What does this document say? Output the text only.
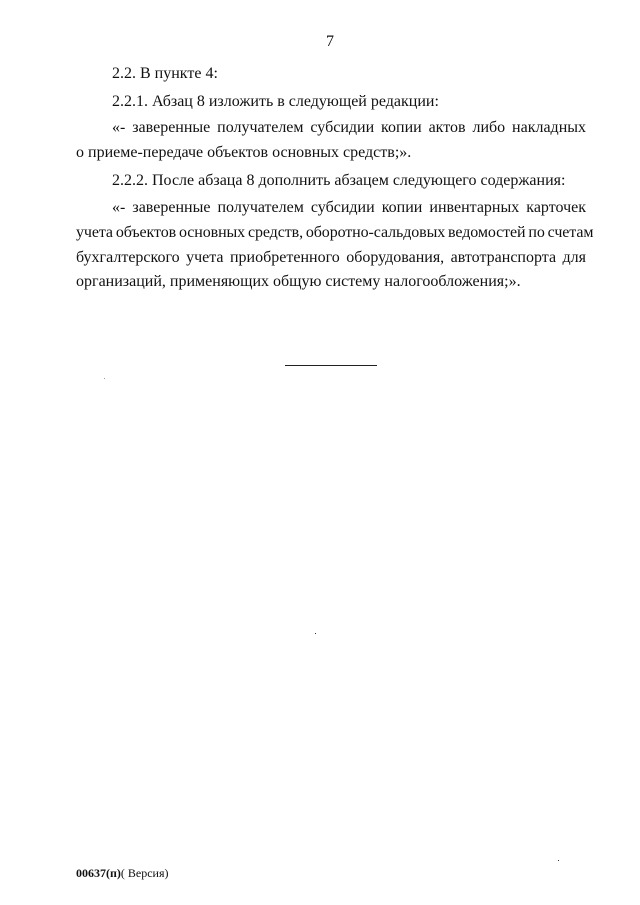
7
2.2. В пункте 4:
2.2.1. Абзац 8 изложить в следующей редакции:
«- заверенные получателем субсидии копии актов либо накладных
о приеме-передаче объектов основных средств;».
2.2.2. После абзаца 8 дополнить абзацем следующего содержания:
«- заверенные получателем субсидии копии инвентарных карточек
учета объектов основных средств, оборотно-сальдовых ведомостей по счетам
бухгалтерского учета приобретенного оборудования, автотранспорта для
организаций, применяющих общую систему налогообложения;».
00637(п)( Версия)
